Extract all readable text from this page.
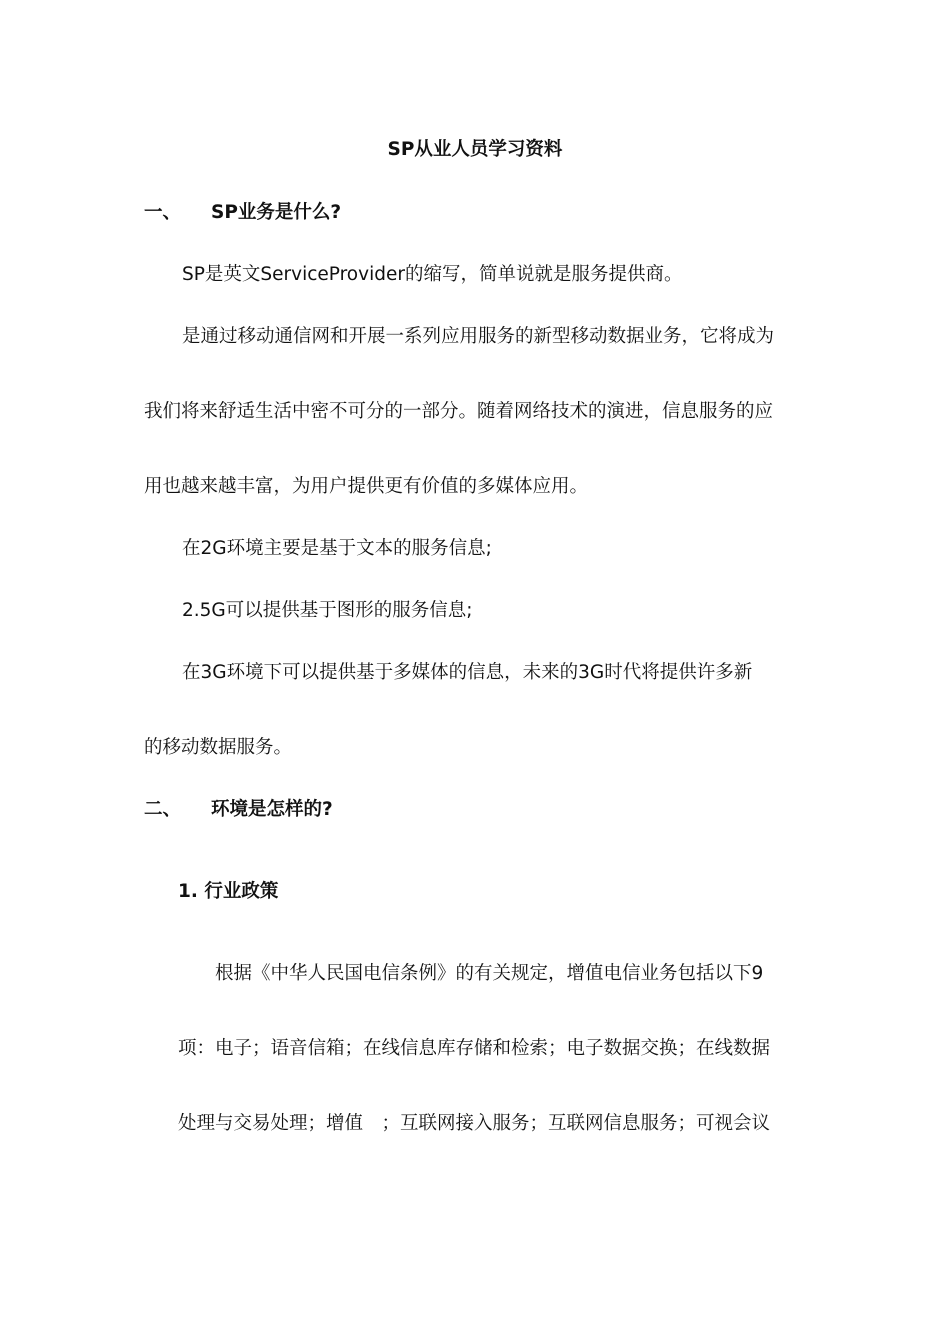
SP从业人员学习资料
一、 SP业务是什么?
SP是英文ServiceProvider的缩写，简单说就是服务提供商。
是通过移动通信网和开展一系列应用服务的新型移动数据业务，它将成为
我们将来舒适生活中密不可分的一部分。随着网络技术的演进，信息服务的应
用也越来越丰富，为用户提供更有价值的多媒体应用。
在2G环境主要是基于文本的服务信息;
2.5G可以提供基于图形的服务信息;
在3G环境下可以提供基于多媒体的信息，未来的3G时代将提供许多新
的移动数据服务。
二、 环境是怎样的?
1. 行业政策
根据《中华人民国电信条例》的有关规定，增值电信业务包括以下9
项：电子；语音信箱；在线信息库存储和检索；电子数据交换；在线数据
处理与交易处理；增值　；互联网接入服务；互联网信息服务；可视会议
